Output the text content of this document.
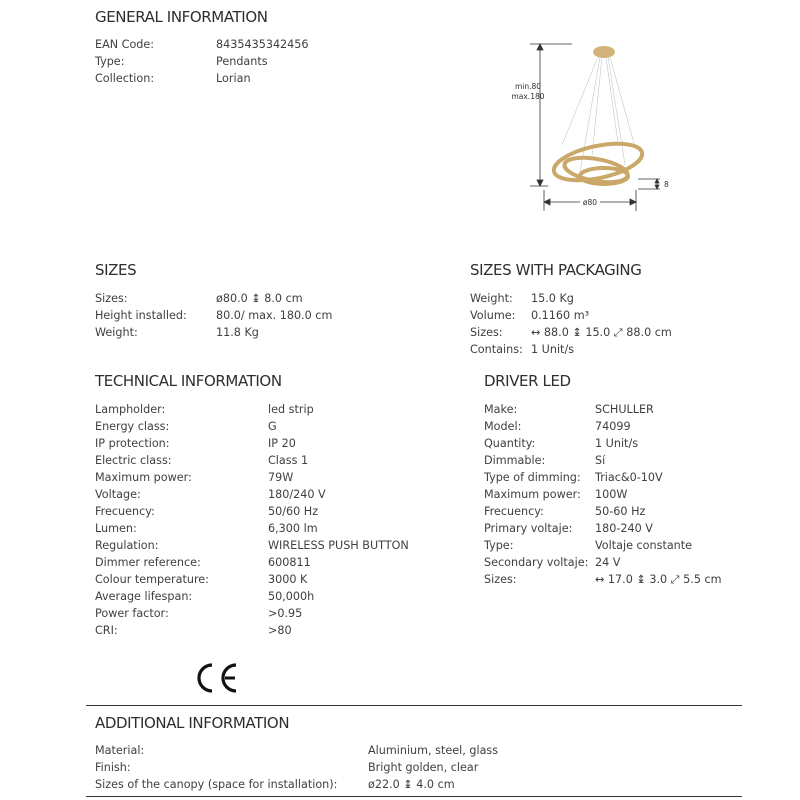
GENERAL INFORMATION
EAN Code:	8435435342456
Type:	Pendants
Collection:	Lorian
min.80
max.180
8
ø80
SIZES
Sizes:	ø80.0 ↨ 8.0 cm
Height installed:	80.0/ max. 180.0 cm
Weight:	11.8 Kg
SIZES WITH PACKAGING
Weight: 15.0 Kg
Volume: 0.1160 m³
Sizes:	↔ 88.0 ↨ 15.0 ⤢ 88.0 cm
Contains: 1 Unit/s
TECHNICAL INFORMATION
Lampholder:	led strip
Energy class:	G
IP protection:	IP 20
Electric class:	Class 1
Maximum power:	79W
Voltage:	180/240 V
Frecuency:	50/60 Hz
Lumen:	6,300 lm
Regulation:	WIRELESS PUSH BUTTON
Dimmer reference:	600811
Colour temperature:	3000 K
Average lifespan:	50,000h
Power factor:	>0.95
CRI:	>80
DRIVER LED
Make:	SCHULLER
Model:	74099
Quantity:	1 Unit/s
Dimmable:	Sí
Type of dimming: Triac&0-10V
Maximum power: 100W
Frecuency:	50-60 Hz
Primary voltaje: 180-240 V
Type:	Voltaje constante
Secondary voltaje: 24 V
Sizes:	↔ 17.0 ↨ 3.0 ⤢ 5.5 cm
ADDITIONAL INFORMATION
Material:	Aluminium, steel, glass
Finish:	Bright golden, clear
Sizes of the canopy (space for installation):	ø22.0 ↨ 4.0 cm
